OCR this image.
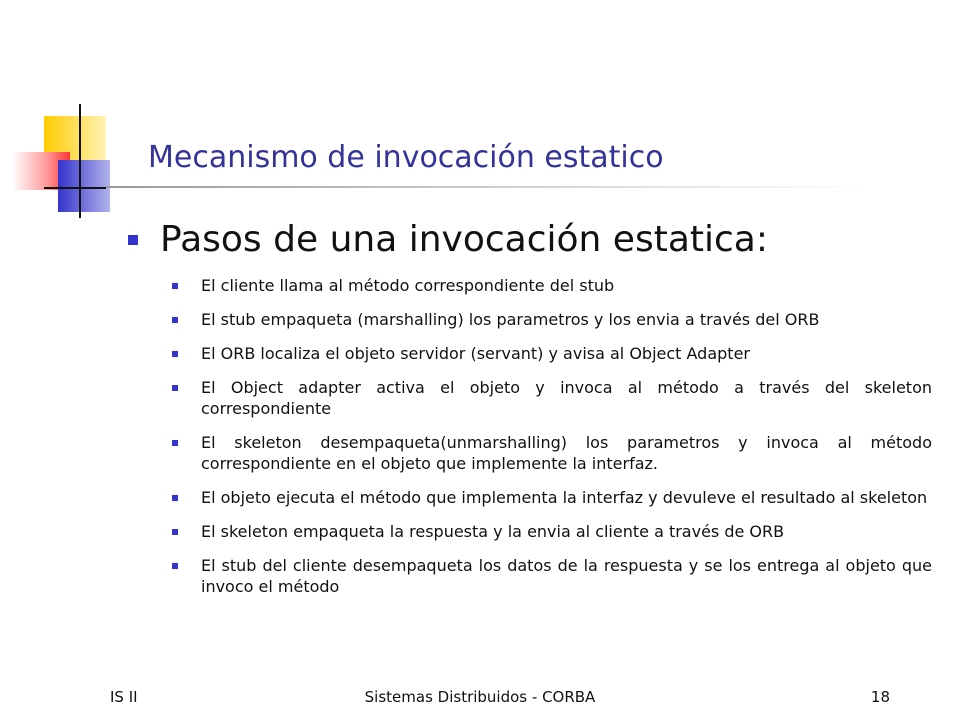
Mecanismo de invocación estatico
Pasos de una invocación estatica:
El cliente llama al método correspondiente del stub
El stub empaqueta (marshalling) los parametros y los envia a través del ORB
El ORB localiza el objeto servidor (servant) y avisa al Object Adapter
El Object adapter activa el objeto y invoca al método a través del skeleton correspondiente
El skeleton desempaqueta(unmarshalling) los parametros y invoca al método correspondiente en el objeto que implemente la interfaz.
El objeto ejecuta el método que implementa la interfaz y devuleve el resultado al skeleton
El skeleton empaqueta la respuesta y la envia al cliente a través de ORB
El stub del cliente desempaqueta los datos de la respuesta y se los entrega al objeto que invoco el método
IS II	Sistemas Distribuidos - CORBA	18
